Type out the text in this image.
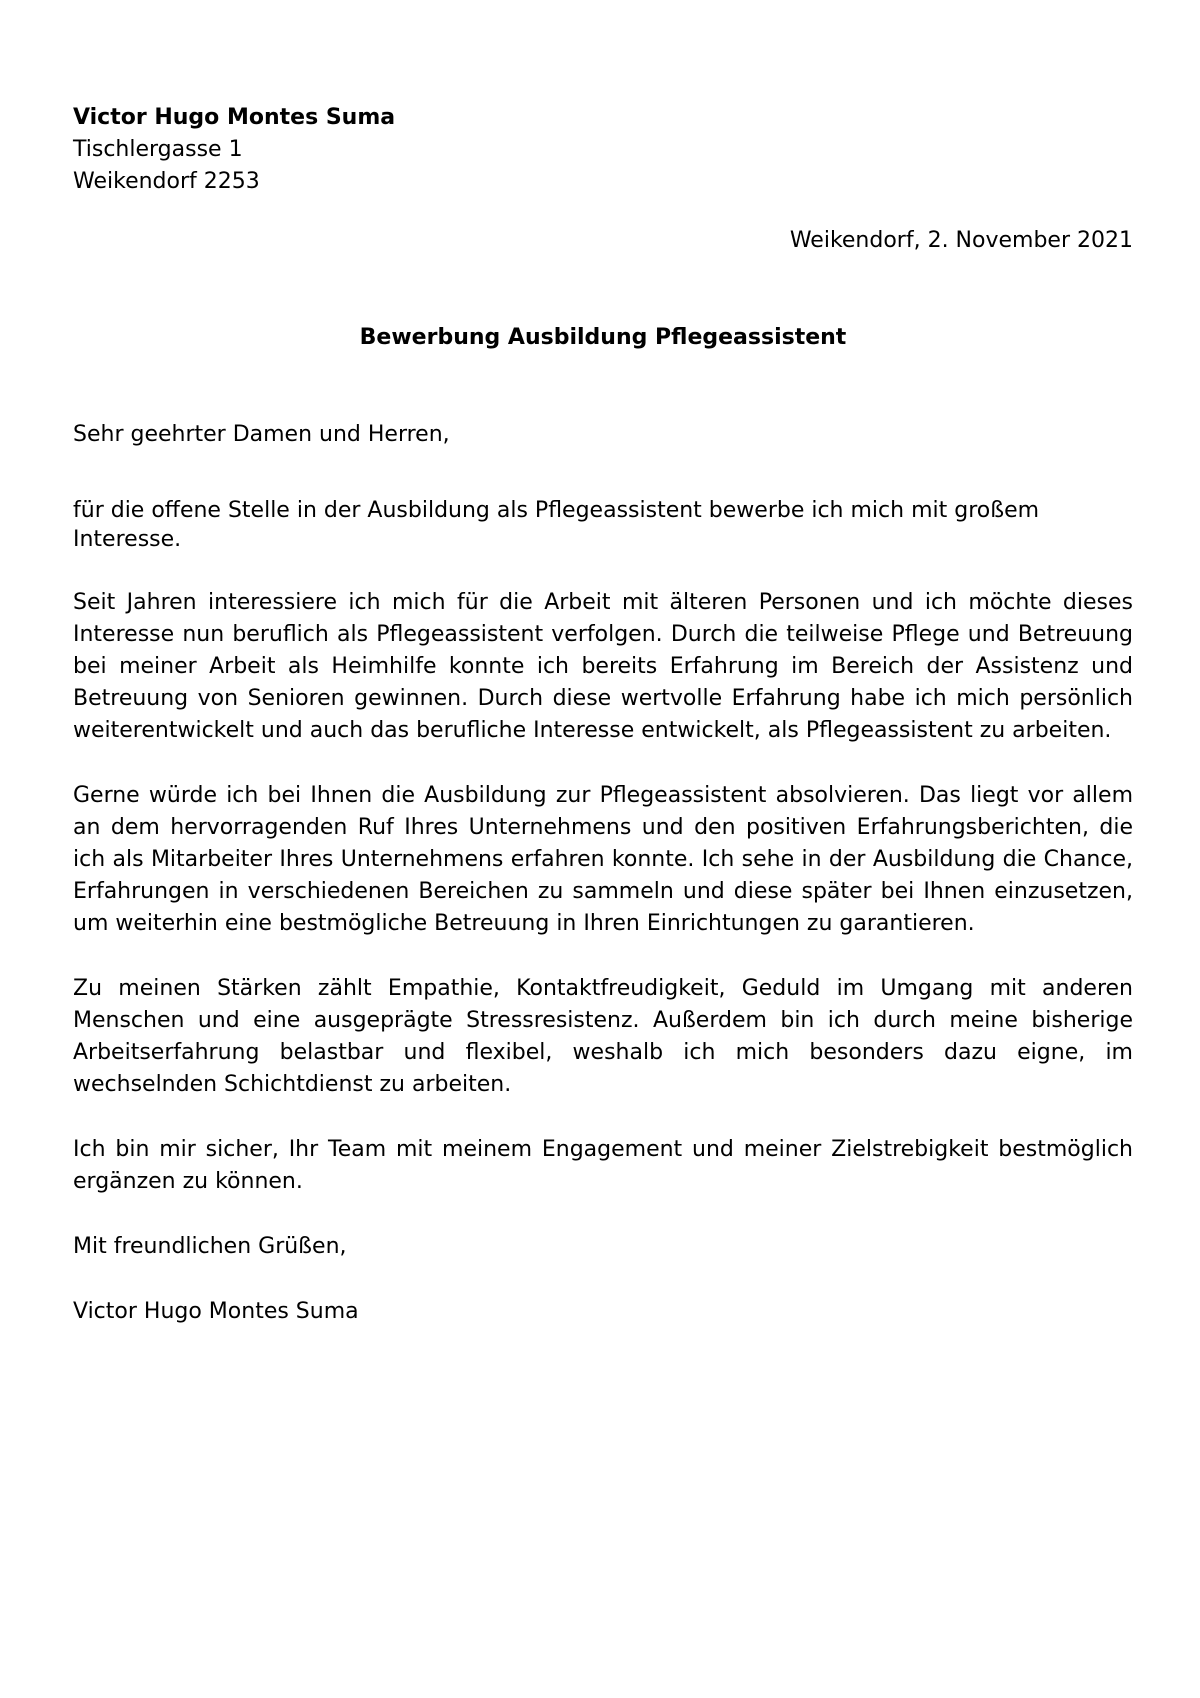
Victor Hugo Montes Suma
Tischlergasse 1
Weikendorf 2253
Weikendorf, 2. November 2021
Bewerbung Ausbildung Pflegeassistent
Sehr geehrter Damen und Herren,
für die offene Stelle in der Ausbildung als Pflegeassistent bewerbe ich mich mit großem Interesse.
Seit Jahren interessiere ich mich für die Arbeit mit älteren Personen und ich möchte dieses Interesse nun beruflich als Pflegeassistent verfolgen. Durch die teilweise Pflege und Betreuung bei meiner Arbeit als Heimhilfe konnte ich bereits Erfahrung im Bereich der Assistenz und Betreuung von Senioren gewinnen. Durch diese wertvolle Erfahrung habe ich mich persönlich weiterentwickelt und auch das berufliche Interesse entwickelt, als Pflegeassistent zu arbeiten.
Gerne würde ich bei Ihnen die Ausbildung zur Pflegeassistent absolvieren. Das liegt vor allem an dem hervorragenden Ruf Ihres Unternehmens und den positiven Erfahrungsberichten, die ich als Mitarbeiter Ihres Unternehmens erfahren konnte. Ich sehe in der Ausbildung die Chance, Erfahrungen in verschiedenen Bereichen zu sammeln und diese später bei Ihnen einzusetzen, um weiterhin eine bestmögliche Betreuung in Ihren Einrichtungen zu garantieren.
Zu meinen Stärken zählt Empathie, Kontaktfreudigkeit, Geduld im Umgang mit anderen Menschen und eine ausgeprägte Stressresistenz. Außerdem bin ich durch meine bisherige Arbeitserfahrung belastbar und flexibel, weshalb ich mich besonders dazu eigne, im wechselnden Schichtdienst zu arbeiten.
Ich bin mir sicher, Ihr Team mit meinem Engagement und meiner Zielstrebigkeit bestmöglich ergänzen zu können.
Mit freundlichen Grüßen,
Victor Hugo Montes Suma
